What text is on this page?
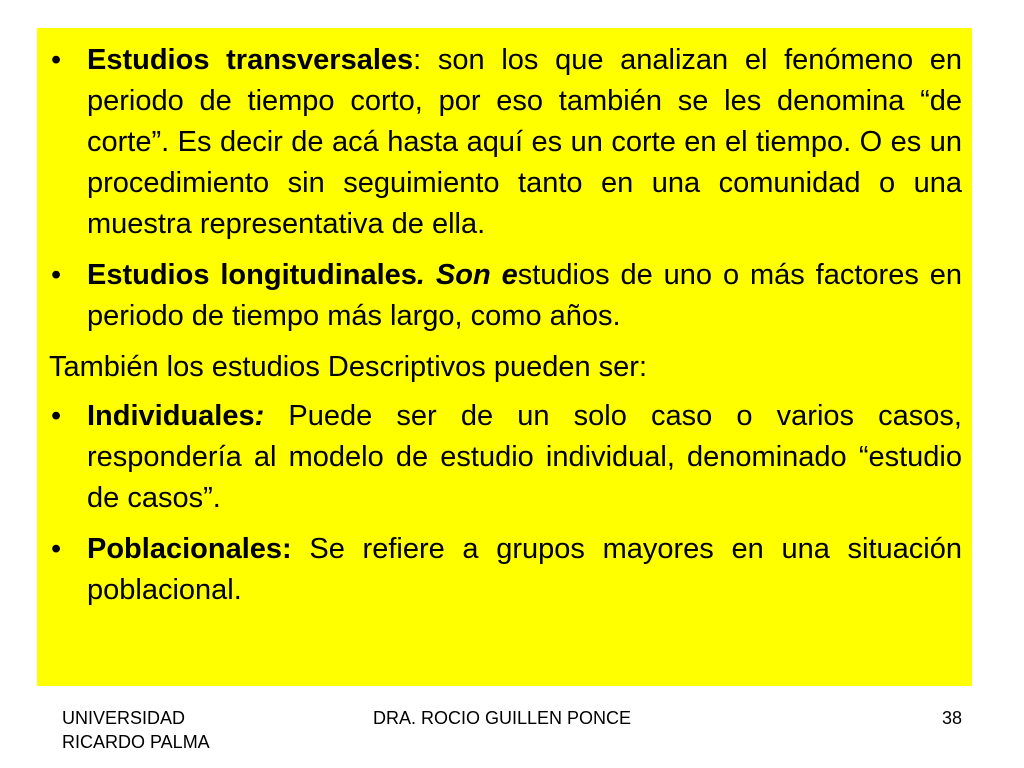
• Estudios transversales: son los que analizan el fenómeno en periodo de tiempo corto, por eso también se les denomina “de corte”. Es decir de acá hasta aquí es un corte en el tiempo. O es un procedimiento sin seguimiento tanto en una comunidad o una muestra representativa de ella.

• Estudios longitudinales. Son estudios de uno o más factores en periodo de tiempo más largo, como años.

También los estudios Descriptivos pueden ser:

• Individuales: Puede ser de un solo caso o varios casos, respondería al modelo de estudio individual, denominado “estudio de casos”.

• Poblacionales: Se refiere a grupos mayores en una situación poblacional.

UNIVERSIDAD
RICARDO PALMA
DRA. ROCIO GUILLEN PONCE	38
